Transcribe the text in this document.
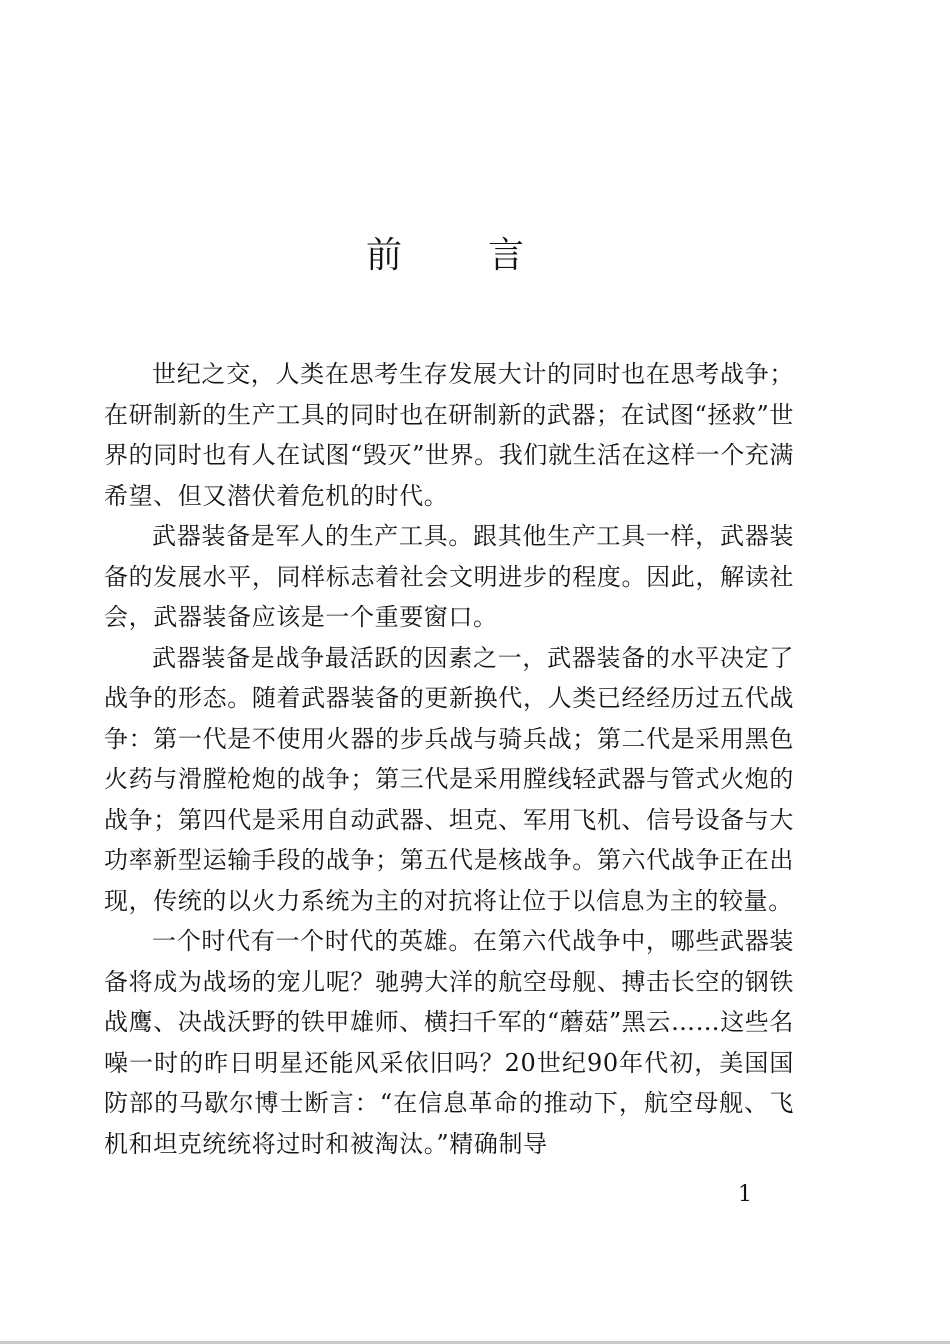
前 言

世纪之交，人类在思考生存发展大计的同时也在思考战争；在研制新的生产工具的同时也在研制新的武器；在试图“拯救”世界的同时也有人在试图“毁灭”世界。我们就生活在这样一个充满希望、但又潜伏着危机的时代。

武器装备是军人的生产工具。跟其他生产工具一样，武器装备的发展水平，同样标志着社会文明进步的程度。因此，解读社会，武器装备应该是一个重要窗口。

武器装备是战争最活跃的因素之一，武器装备的水平决定了战争的形态。随着武器装备的更新换代，人类已经经历过五代战争：第一代是不使用火器的步兵战与骑兵战；第二代是采用黑色火药与滑膛枪炮的战争；第三代是采用膛线轻武器与管式火炮的战争；第四代是采用自动武器、坦克、军用飞机、信号设备与大功率新型运输手段的战争；第五代是核战争。第六代战争正在出现，传统的以火力系统为主的对抗将让位于以信息为主的较量。

一个时代有一个时代的英雄。在第六代战争中，哪些武器装备将成为战场的宠儿呢？驰骋大洋的航空母舰、搏击长空的钢铁战鹰、决战沃野的铁甲雄师、横扫千军的“蘑菇”黑云……这些名噪一时的昨日明星还能风采依旧吗？20世纪90年代初，美国国防部的马歇尔博士断言：“在信息革命的推动下，航空母舰、飞机和坦克统统将过时和被淘汰。”精确制导

1
